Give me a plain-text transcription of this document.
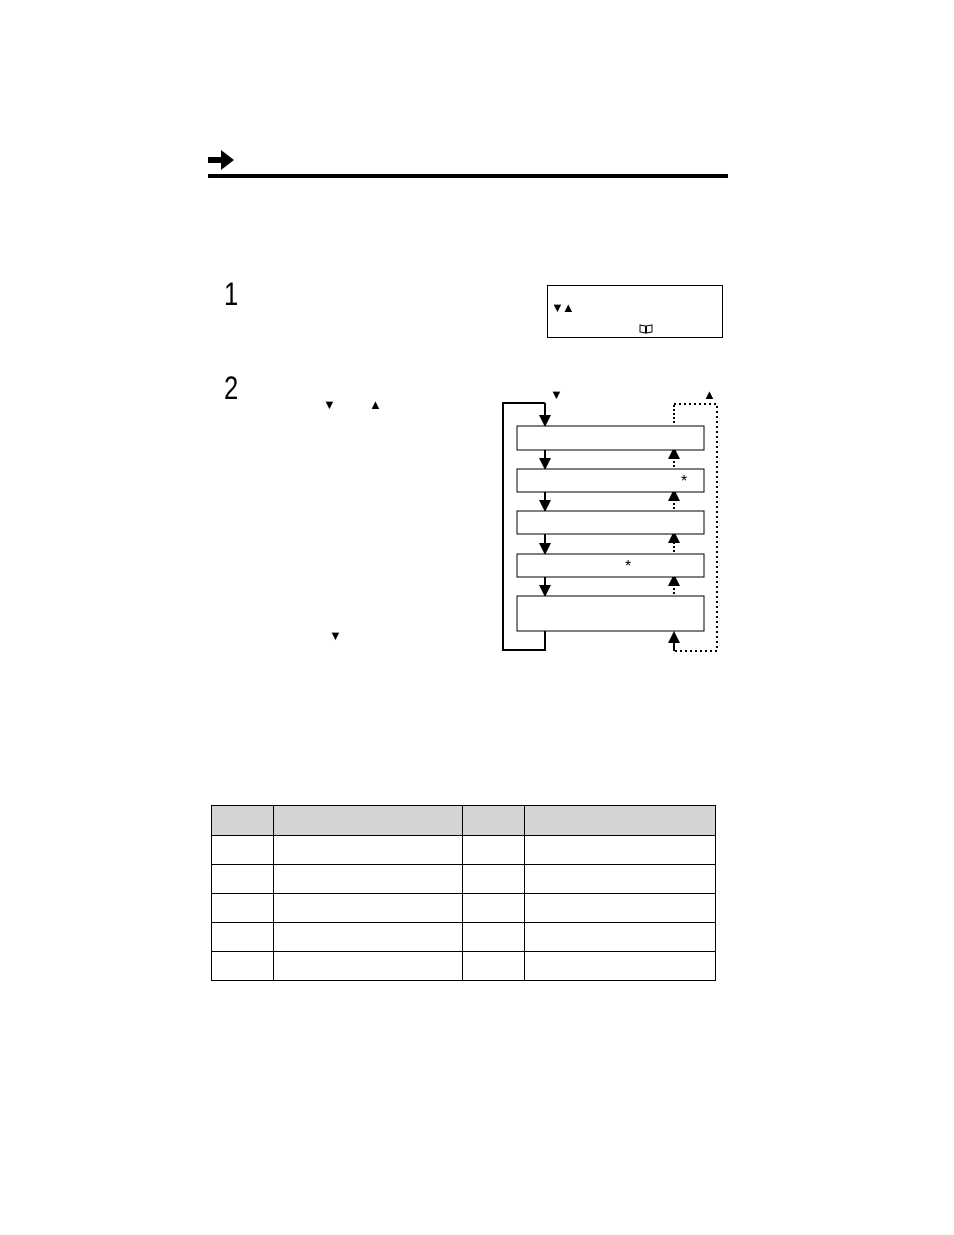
1	▼▲
2	▼	▲
▼
▼	▲
*
*
